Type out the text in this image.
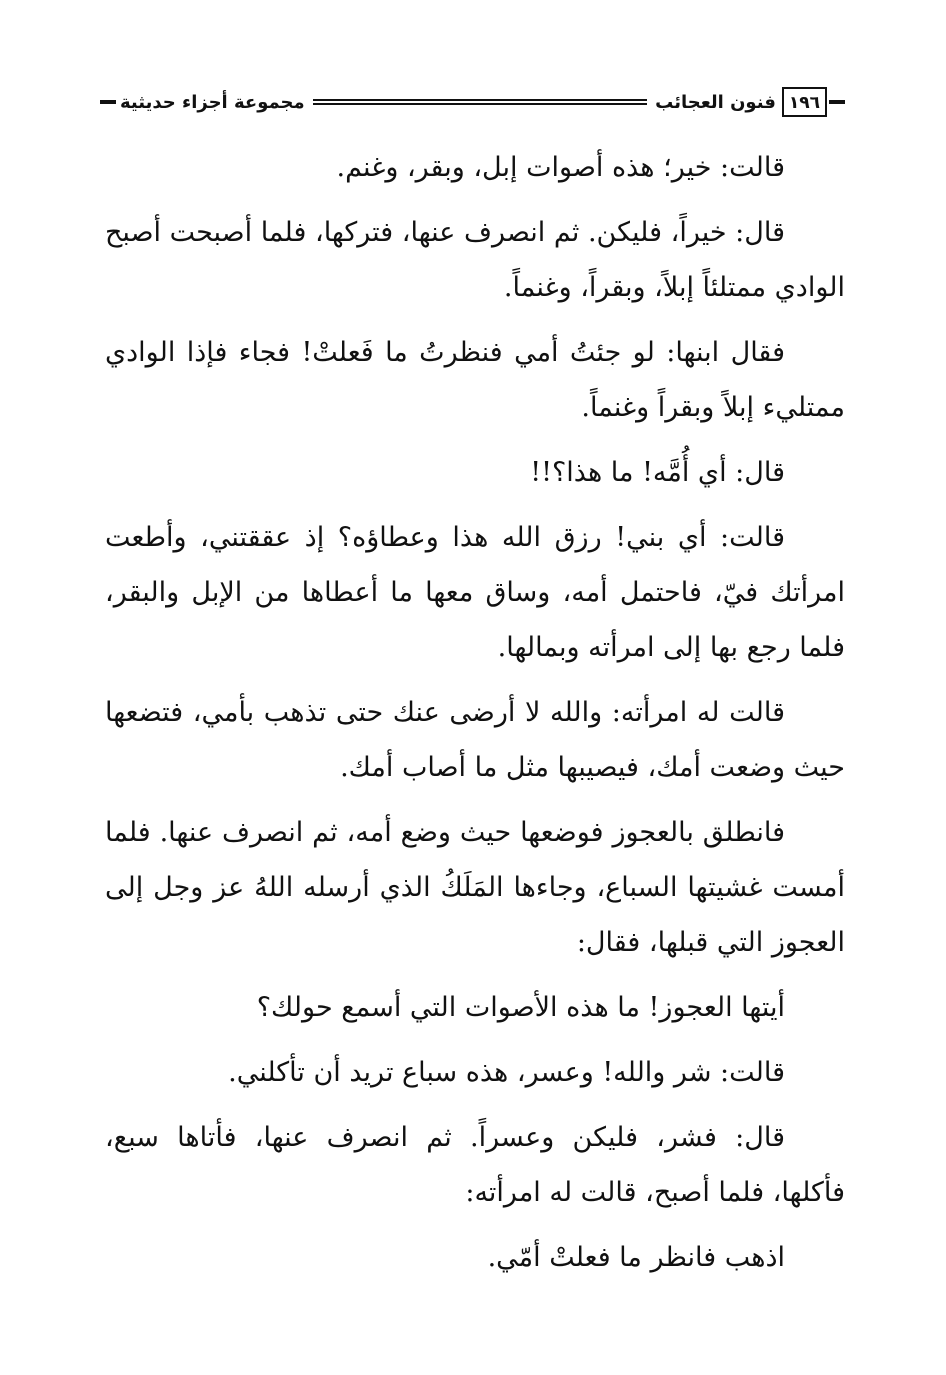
١٩٦
فنون العجائب
مجموعة أجزاء حديثية

قالت: خير؛ هذه أصوات إبل، وبقر، وغنم.

قال: خيراً، فليكن. ثم انصرف عنها، فتركها، فلما أصبحت أصبح الوادي ممتلئاً إبلاً، وبقراً، وغنماً.

فقال ابنها: لو جئتُ أمي فنظرتُ ما فَعلتْ! فجاء فإذا الوادي ممتليء إبلاً وبقراً وغنماً.

قال: أي أُمَّه! ما هذا؟!!

قالت: أي بني! رزق الله هذا وعطاؤه؟ إذ عققتني، وأطعت امرأتك فيّ، فاحتمل أمه، وساق معها ما أعطاها من الإبل والبقر، فلما رجع بها إلى امرأته وبمالها.

قالت له امرأته: والله لا أرضى عنك حتى تذهب بأمي، فتضعها حيث وضعت أمك، فيصيبها مثل ما أصاب أمك.

فانطلق بالعجوز فوضعها حيث وضع أمه، ثم انصرف عنها. فلما أمست غشيتها السباع، وجاءها المَلَكُ الذي أرسله اللهُ عز وجل إلى العجوز التي قبلها، فقال:

أيتها العجوز! ما هذه الأصوات التي أسمع حولك؟

قالت: شر والله! وعسر، هذه سباع تريد أن تأكلني.

قال: فشر، فليكن وعسراً. ثم انصرف عنها، فأتاها سبع، فأكلها، فلما أصبح، قالت له امرأته:

اذهب فانظر ما فعلتْ أمّي.
